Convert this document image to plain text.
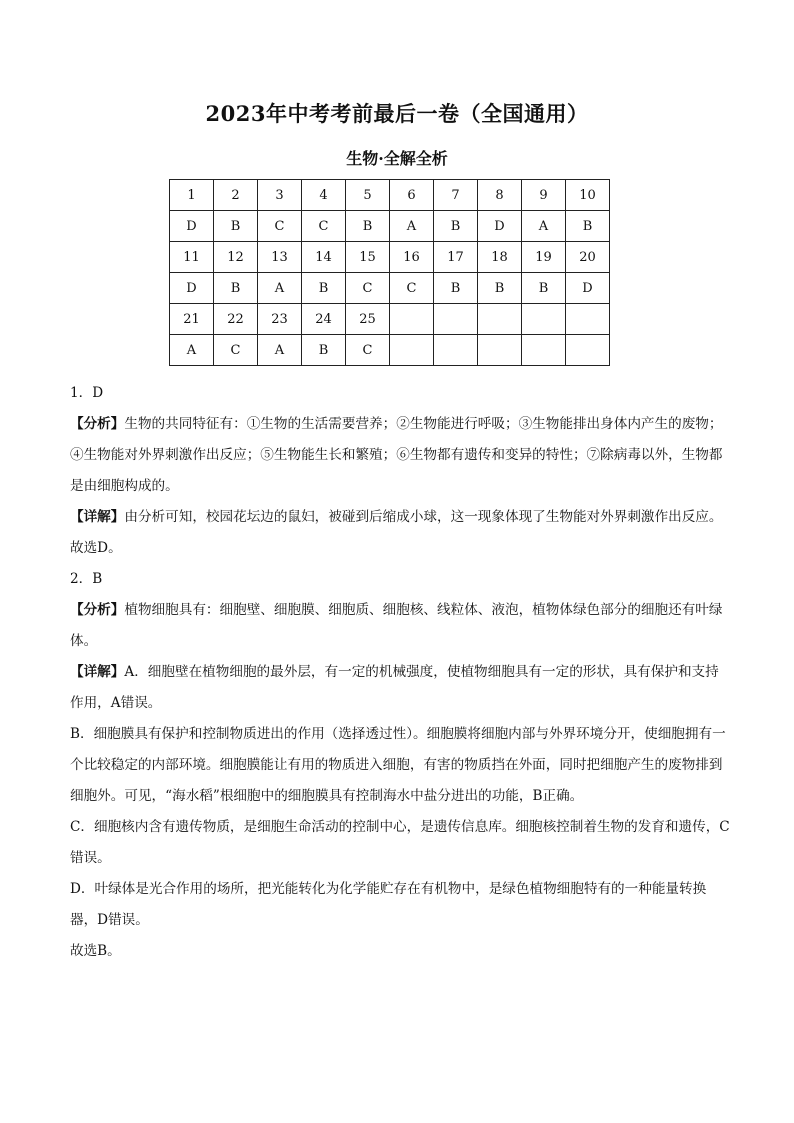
2023年中考考前最后一卷（全国通用）
生物·全解全析
1	2	3	4	5	6	7	8	9	10
D	B	C	C	B	A	B	D	A	B
11	12	13	14	15	16	17	18	19	20
D	B	A	B	C	C	B	B	B	D
21	22	23	24	25					
A	C	A	B	C					

1．D

【分析】生物的共同特征有：①生物的生活需要营养；②生物能进行呼吸；③生物能排出身体内产生的废物；④生物能对外界刺激作出反应；⑤生物能生长和繁殖；⑥生物都有遗传和变异的特性；⑦除病毒以外，生物都是由细胞构成的。

【详解】由分析可知，校园花坛边的鼠妇，被碰到后缩成小球，这一现象体现了生物能对外界刺激作出反应。

故选D。

2．B

【分析】植物细胞具有：细胞壁、细胞膜、细胞质、细胞核、线粒体、液泡，植物体绿色部分的细胞还有叶绿体。

【详解】A．细胞壁在植物细胞的最外层，有一定的机械强度，使植物细胞具有一定的形状，具有保护和支持作用，A错误。

B．细胞膜具有保护和控制物质进出的作用（选择透过性）。细胞膜将细胞内部与外界环境分开，使细胞拥有一个比较稳定的内部环境。细胞膜能让有用的物质进入细胞，有害的物质挡在外面，同时把细胞产生的废物排到细胞外。可见，“海水稻”根细胞中的细胞膜具有控制海水中盐分进出的功能，B正确。

C．细胞核内含有遗传物质，是细胞生命活动的控制中心，是遗传信息库。细胞核控制着生物的发育和遗传，C错误。

D．叶绿体是光合作用的场所，把光能转化为化学能贮存在有机物中，是绿色植物细胞特有的一种能量转换器，D错误。

故选B。
